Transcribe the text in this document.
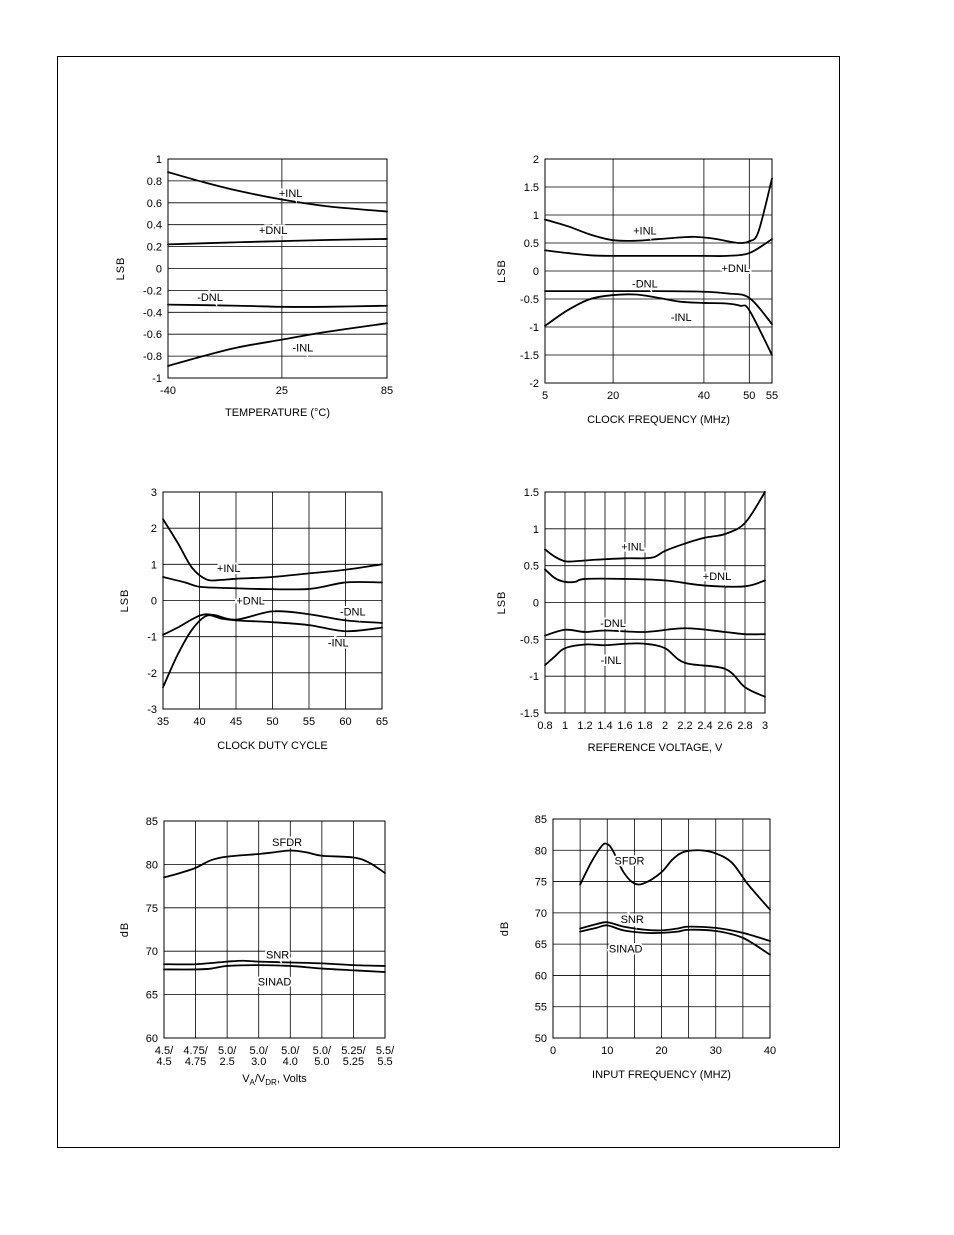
1
0.8
0.6
0.4
0.2
0
-0.2
-0.4
-0.6
-0.8
-1
-40	25	85
TEMPERATURE (°C)
LSB
+INL
+DNL
-DNL
-INL
2
1.5
1
0.5
0
-0.5
-1
-1.5
-2
5	20	40	50 55
CLOCK FREQUENCY (MHz)
LSB
+INL
+DNL
-DNL
-INL
3
2
1
0
-1
-2
-3
35 40 45 50 55 60 65
CLOCK DUTY CYCLE
LSB
+INL
+DNL
-DNL
-INL
1.5
1
0.5
0
-0.5
-1
-1.5
0.8 1 1.2 1.4 1.6 1.8 2 2.2 2.4 2.6 2.8 3
REFERENCE VOLTAGE, V
LSB
+INL
+DNL
-DNL
-INL
85
80
75
70
65
60
4.5/
4.5
4.75/
4.75
5.0/
2.5
5.0/
3.0
5.0/
4.0
5.0/
5.0
5.25/
5.25
5.5/
5.5
$V_A/V_{DR}$, Volts
dB
SFDR
SNR
SINAD
85
80
75
70
65
60
55
50
0	10	20	30	40
INPUT FREQUENCY (MHZ)
dB
SFDR
SNR
SINAD
